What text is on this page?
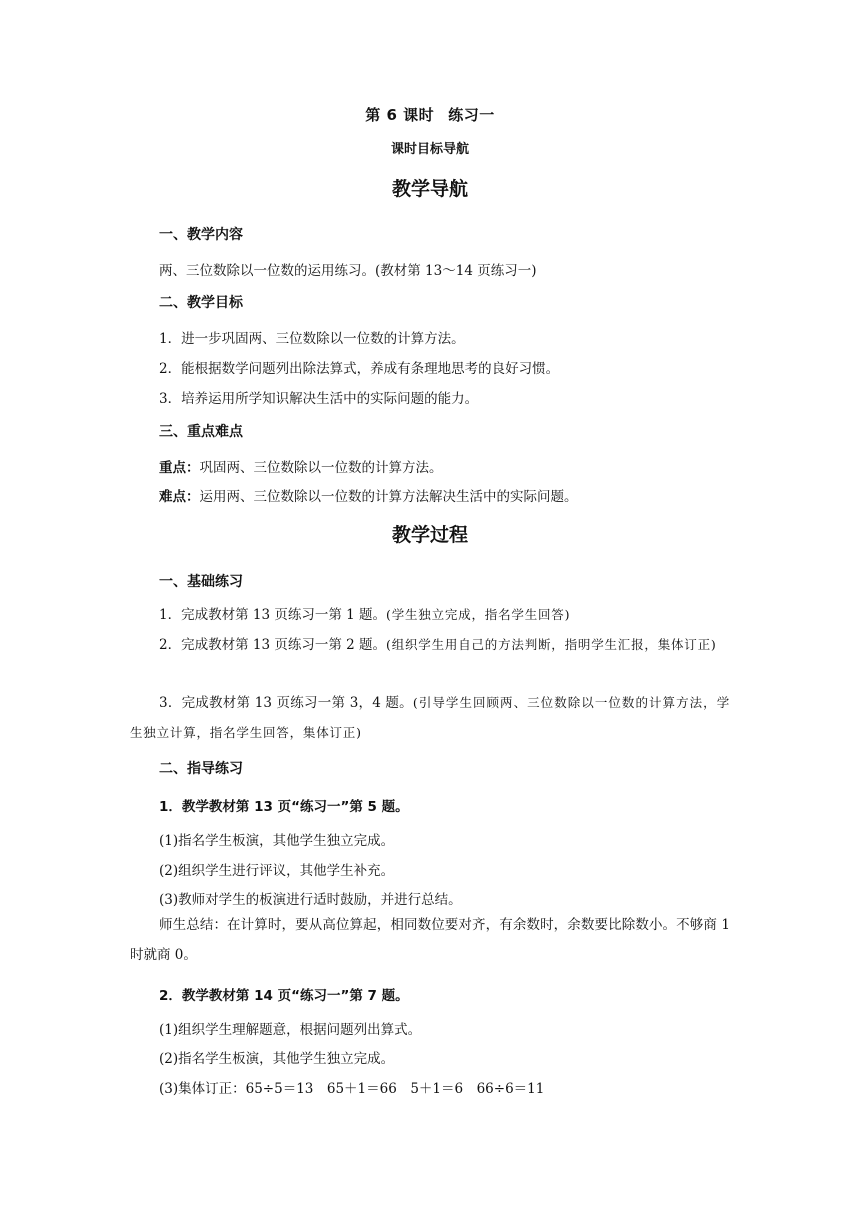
第 6 课时 练习一
课时目标导航
教学导航
一、教学内容
两、三位数除以一位数的运用练习。(教材第 13～14 页练习一)
二、教学目标
1．进一步巩固两、三位数除以一位数的计算方法。
2．能根据数学问题列出除法算式，养成有条理地思考的良好习惯。
3．培养运用所学知识解决生活中的实际问题的能力。
三、重点难点
重点：巩固两、三位数除以一位数的计算方法。
难点：运用两、三位数除以一位数的计算方法解决生活中的实际问题。
教学过程
一、基础练习
1．完成教材第 13 页练习一第 1 题。(学生独立完成，指名学生回答)
2．完成教材第 13 页练习一第 2 题。(组织学生用自己的方法判断，指明学生汇报，集体订正)
3．完成教材第 13 页练习一第 3，4 题。(引导学生回顾两、三位数除以一位数的计算方法，学生独立计算，指名学生回答，集体订正)
二、指导练习
1．教学教材第 13 页“练习一”第 5 题。
(1)指名学生板演，其他学生独立完成。
(2)组织学生进行评议，其他学生补充。
(3)教师对学生的板演进行适时鼓励，并进行总结。
师生总结：在计算时，要从高位算起，相同数位要对齐，有余数时，余数要比除数小。不够商 1 时就商 0。
2．教学教材第 14 页“练习一”第 7 题。
(1)组织学生理解题意，根据问题列出算式。
(2)指名学生板演，其他学生独立完成。
(3)集体订正：65÷5＝13　65＋1＝66　5＋1＝6　66÷6＝11
